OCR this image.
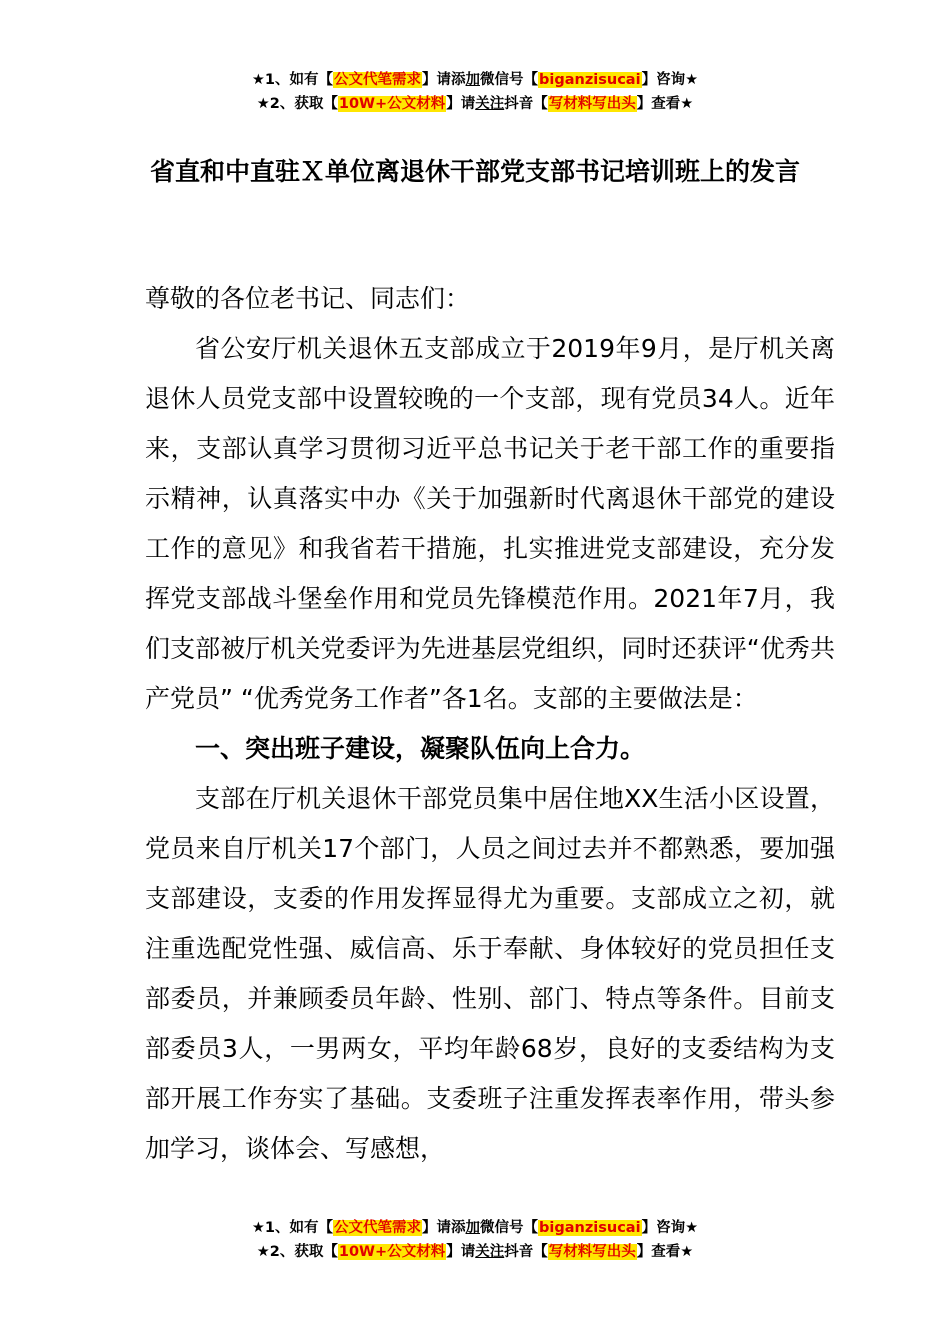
★1、如有【公文代笔需求】请添加微信号【biganzisucai】咨询★
★2、获取【10W+公文材料】请关注抖音【写材料写出头】查看★
省直和中直驻Ｘ单位离退休干部党支部书记培训班上的发言

尊敬的各位老书记、同志们：

省公安厅机关退休五支部成立于2019年9月，是厅机关离退休人员党支部中设置较晚的一个支部，现有党员34人。近年来，支部认真学习贯彻习近平总书记关于老干部工作的重要指示精神，认真落实中办《关于加强新时代离退休干部党的建设工作的意见》和我省若干措施，扎实推进党支部建设，充分发挥党支部战斗堡垒作用和党员先锋模范作用。2021年7月，我们支部被厅机关党委评为先进基层党组织，同时还获评“优秀共产党员” “优秀党务工作者”各1名。支部的主要做法是：

一、突出班子建设，凝聚队伍向上合力。

支部在厅机关退休干部党员集中居住地XX生活小区设置，党员来自厅机关17个部门，人员之间过去并不都熟悉，要加强支部建设，支委的作用发挥显得尤为重要。支部成立之初，就注重选配党性强、威信高、乐于奉献、身体较好的党员担任支部委员，并兼顾委员年龄、性别、部门、特点等条件。目前支部委员3人，一男两女，平均年龄68岁，良好的支委结构为支部开展工作夯实了基础。支委班子注重发挥表率作用，带头参加学习，谈体会、写感想，

★1、如有【公文代笔需求】请添加微信号【biganzisucai】咨询★
★2、获取【10W+公文材料】请关注抖音【写材料写出头】查看★
